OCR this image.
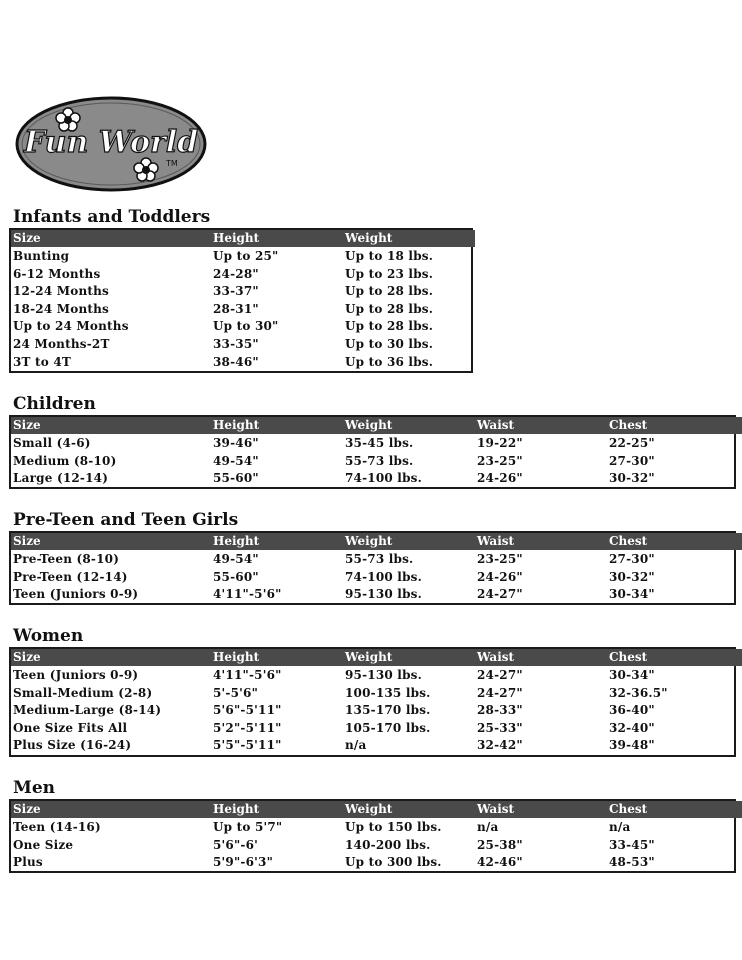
Fun World
TM
Infants and Toddlers
Children
Pre-Teen and Teen Girls
Women
Men
Size	Height	Weight
Bunting	Up to 25"	Up to 18 lbs.
6-12 Months	24-28"	Up to 23 lbs.
12-24 Months	33-37"	Up to 28 lbs.
18-24 Months	28-31"	Up to 28 lbs.
Up to 24 Months	Up to 30"	Up to 28 lbs.
24 Months-2T	33-35"	Up to 30 lbs.
3T to 4T	38-46"	Up to 36 lbs.
Size	Height	Weight	Waist	Chest
Small (4-6)	39-46"	35-45 lbs.	19-22"	22-25"
Medium (8-10)	49-54"	55-73 lbs.	23-25"	27-30"
Large (12-14)	55-60"	74-100 lbs.	24-26"	30-32"
Size	Height	Weight	Waist	Chest
Pre-Teen (8-10)	49-54"	55-73 lbs.	23-25"	27-30"
Pre-Teen (12-14)	55-60"	74-100 lbs.	24-26"	30-32"
Teen (Juniors 0-9)	4'11"-5'6"	95-130 lbs.	24-27"	30-34"
Size	Height	Weight	Waist	Chest
Teen (Juniors 0-9)	4'11"-5'6"	95-130 lbs.	24-27"	30-34"
Small-Medium (2-8)	5'-5'6"	100-135 lbs.	24-27"	32-36.5"
Medium-Large (8-14)	5'6"-5'11"	135-170 lbs.	28-33"	36-40"
One Size Fits All	5'2"-5'11"	105-170 lbs.	25-33"	32-40"
Plus Size (16-24)	5'5"-5'11"	n/a	32-42"	39-48"
Size	Height	Weight	Waist	Chest
Teen (14-16)	Up to 5'7"	Up to 150 lbs.	n/a	n/a
One Size	5'6"-6'	140-200 lbs.	25-38"	33-45"
Plus	5'9"-6'3"	Up to 300 lbs.	42-46"	48-53"
